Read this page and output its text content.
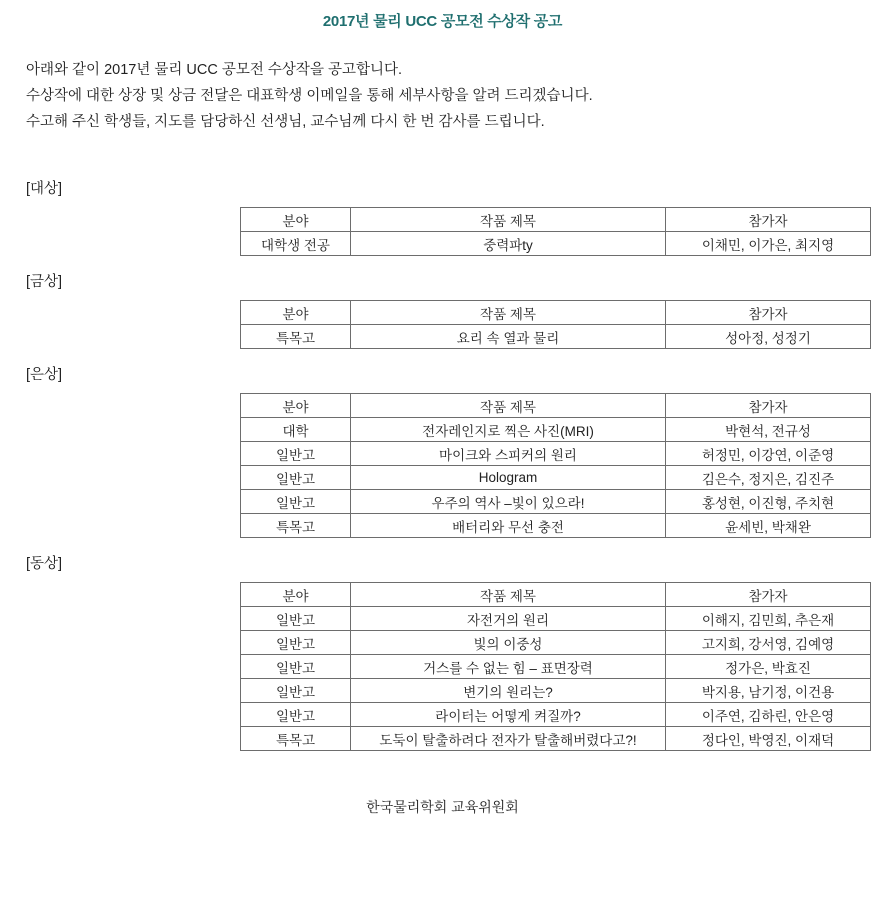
2017년 물리 UCC 공모전 수상작 공고
아래와 같이 2017년 물리 UCC 공모전 수상작을 공고합니다.
수상작에 대한 상장 및 상금 전달은 대표학생 이메일을 통해 세부사항을 알려 드리겠습니다.
수고해 주신 학생들, 지도를 담당하신 선생님, 교수님께 다시 한 번 감사를 드립니다.
[대상]
분야	작품 제목	참가자
대학생 전공	중력파ty	이채민, 이가은, 최지영
[금상]
분야	작품 제목	참가자
특목고	요리 속 열과 물리	성아정, 성정기
[은상]
분야	작품 제목	참가자
대학	전자레인지로 찍은 사진(MRI)	박현석, 전규성
일반고	마이크와 스피커의 원리	허정민, 이강연, 이준영
일반고	Hologram	김은수, 정지은, 김진주
일반고	우주의 역사 –빛이 있으라!	홍성현, 이진형, 주치현
특목고	배터리와 무선 충전	윤세빈, 박채완
[동상]
분야	작품 제목	참가자
일반고	자전거의 원리	이해지, 김민희, 추은재
일반고	빛의 이중성	고지희, 강서영, 김예영
일반고	거스를 수 없는 힘 – 표면장력	정가은, 박효진
일반고	변기의 원리는?	박지용, 남기정, 이건용
일반고	라이터는 어떻게 켜질까?	이주연, 김하린, 안은영
특목고	도둑이 탈출하려다 전자가 탈출해버렸다고?!	정다인, 박영진, 이재덕
한국물리학회 교육위원회
